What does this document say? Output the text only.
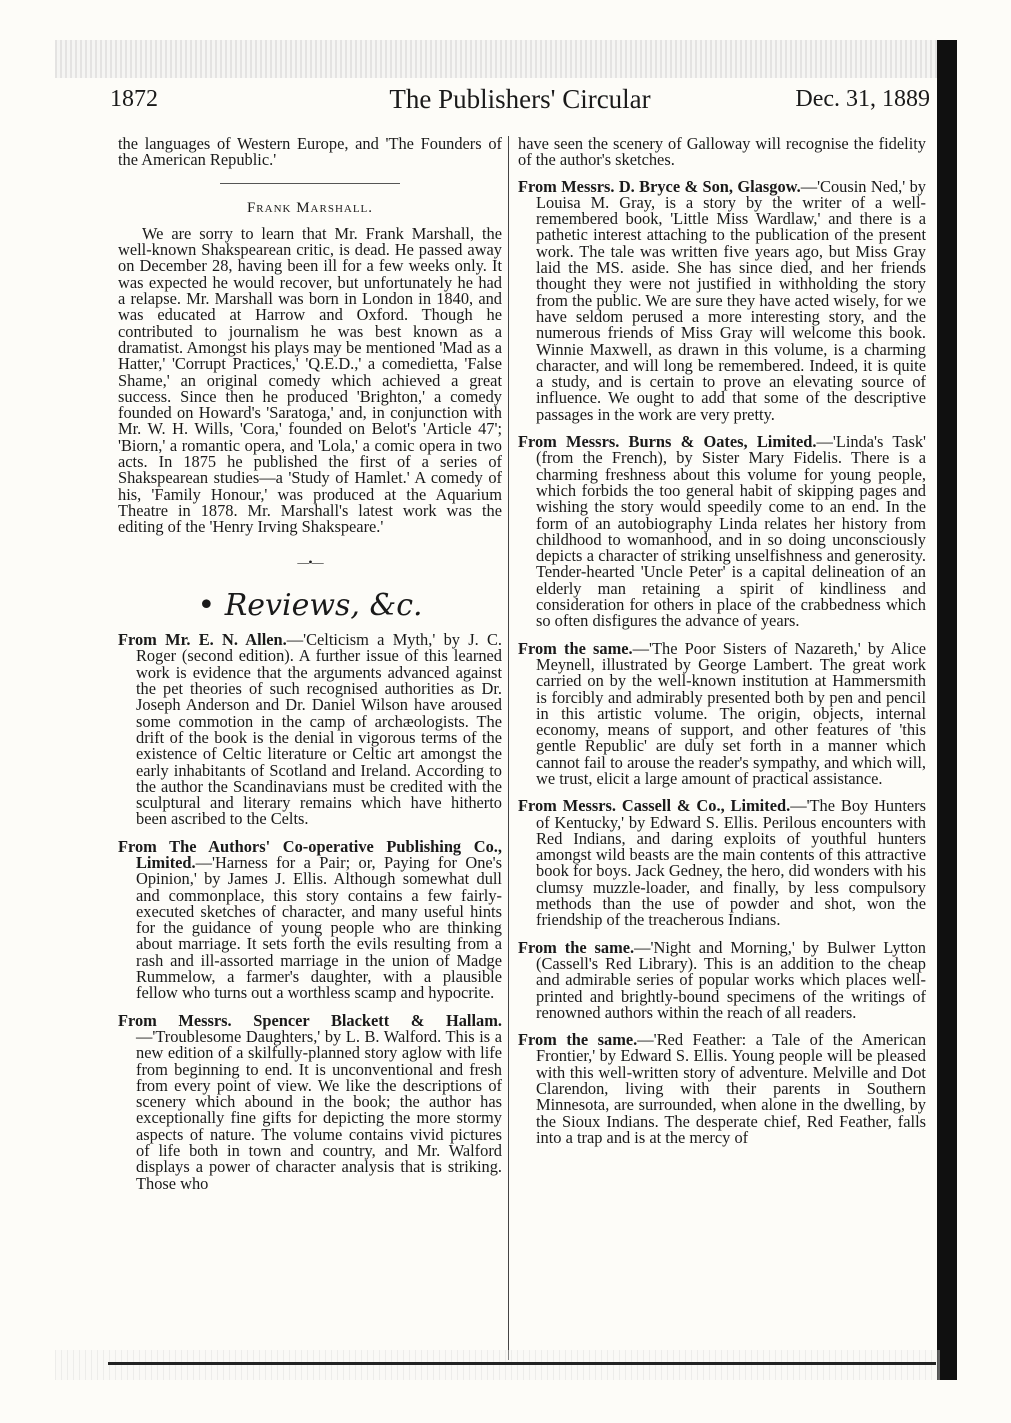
1872	The Publishers' Circular	Dec. 31, 1889

the languages of Western Europe, and 'The Founders of the American Republic.'

Frank Marshall.

We are sorry to learn that Mr. Frank Marshall, the well-known Shakspearean critic, is dead. He passed away on December 28, having been ill for a few weeks only. It was expected he would recover, but unfortunately he had a relapse. Mr. Marshall was born in London in 1840, and was educated at Harrow and Oxford. Though he contributed to journalism he was best known as a dramatist. Amongst his plays may be mentioned 'Mad as a Hatter,' 'Corrupt Practices,' 'Q.E.D.,' a comedietta, 'False Shame,' an original comedy which achieved a great success. Since then he produced 'Brighton,' a comedy founded on Howard's 'Saratoga,' and, in conjunction with Mr. W. H. Wills, 'Cora,' founded on Belot's 'Article 47'; 'Biorn,' a romantic opera, and 'Lola,' a comic opera in two acts. In 1875 he published the first of a series of Shakspearean studies—a 'Study of Hamlet.' A comedy of his, 'Family Honour,' was produced at the Aquarium Theatre in 1878. Mr. Marshall's latest work was the editing of the 'Henry Irving Shakspeare.'

—•—
• Reviews, &c.

From Mr. E. N. Allen.—'Celticism a Myth,' by J. C. Roger (second edition). A further issue of this learned work is evidence that the arguments advanced against the pet theories of such recognised authorities as Dr. Joseph Anderson and Dr. Daniel Wilson have aroused some commotion in the camp of archæologists. The drift of the book is the denial in vigorous terms of the existence of Celtic literature or Celtic art amongst the early inhabitants of Scotland and Ireland. According to the author the Scandinavians must be credited with the sculptural and literary remains which have hitherto been ascribed to the Celts.

From The Authors' Co-operative Publishing Co., Limited.—'Harness for a Pair; or, Paying for One's Opinion,' by James J. Ellis. Although somewhat dull and commonplace, this story contains a few fairly-executed sketches of character, and many useful hints for the guidance of young people who are thinking about marriage. It sets forth the evils resulting from a rash and ill-assorted marriage in the union of Madge Rummelow, a farmer's daughter, with a plausible fellow who turns out a worthless scamp and hypocrite.

From Messrs. Spencer Blackett & Hallam.—'Troublesome Daughters,' by L. B. Walford. This is a new edition of a skilfully-planned story aglow with life from beginning to end. It is unconventional and fresh from every point of view. We like the descriptions of scenery which abound in the book; the author has exceptionally fine gifts for depicting the more stormy aspects of nature. The volume contains vivid pictures of life both in town and country, and Mr. Walford displays a power of character analysis that is striking. Those who

have seen the scenery of Galloway will recognise the fidelity of the author's sketches.

From Messrs. D. Bryce & Son, Glasgow.—'Cousin Ned,' by Louisa M. Gray, is a story by the writer of a well-remembered book, 'Little Miss Wardlaw,' and there is a pathetic interest attaching to the publication of the present work. The tale was written five years ago, but Miss Gray laid the MS. aside. She has since died, and her friends thought they were not justified in withholding the story from the public. We are sure they have acted wisely, for we have seldom perused a more interesting story, and the numerous friends of Miss Gray will welcome this book. Winnie Maxwell, as drawn in this volume, is a charming character, and will long be remembered. Indeed, it is quite a study, and is certain to prove an elevating source of influence. We ought to add that some of the descriptive passages in the work are very pretty.

From Messrs. Burns & Oates, Limited.—'Linda's Task' (from the French), by Sister Mary Fidelis. There is a charming freshness about this volume for young people, which forbids the too general habit of skipping pages and wishing the story would speedily come to an end. In the form of an autobiography Linda relates her history from childhood to womanhood, and in so doing unconsciously depicts a character of striking unselfishness and generosity. Tender-hearted 'Uncle Peter' is a capital delineation of an elderly man retaining a spirit of kindliness and consideration for others in place of the crabbedness which so often disfigures the advance of years.

From the same.—'The Poor Sisters of Nazareth,' by Alice Meynell, illustrated by George Lambert. The great work carried on by the well-known institution at Hammersmith is forcibly and admirably presented both by pen and pencil in this artistic volume. The origin, objects, internal economy, means of support, and other features of 'this gentle Republic' are duly set forth in a manner which cannot fail to arouse the reader's sympathy, and which will, we trust, elicit a large amount of practical assistance.

From Messrs. Cassell & Co., Limited.—'The Boy Hunters of Kentucky,' by Edward S. Ellis. Perilous encounters with Red Indians, and daring exploits of youthful hunters amongst wild beasts are the main contents of this attractive book for boys. Jack Gedney, the hero, did wonders with his clumsy muzzle-loader, and finally, by less compulsory methods than the use of powder and shot, won the friendship of the treacherous Indians.

From the same.—'Night and Morning,' by Bulwer Lytton (Cassell's Red Library). This is an addition to the cheap and admirable series of popular works which places well-printed and brightly-bound specimens of the writings of renowned authors within the reach of all readers.

From the same.—'Red Feather: a Tale of the American Frontier,' by Edward S. Ellis. Young people will be pleased with this well-written story of adventure. Melville and Dot Clarendon, living with their parents in Southern Minnesota, are surrounded, when alone in the dwelling, by the Sioux Indians. The desperate chief, Red Feather, falls into a trap and is at the mercy of
